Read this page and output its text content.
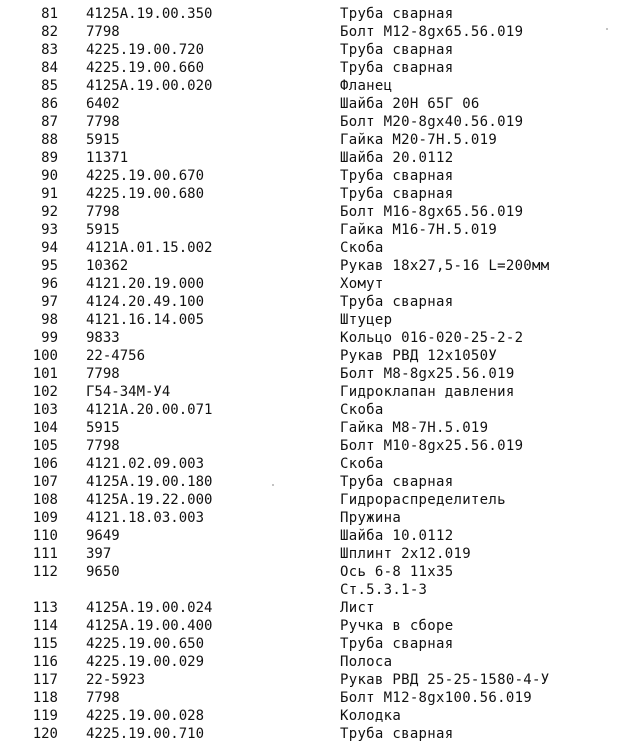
81	4125А.19.00.350	Труба сварная
82	7798	Болт М12-8gx65.56.019
83	4225.19.00.720	Труба сварная
84	4225.19.00.660	Труба сварная
85	4125А.19.00.020	Фланец
86	6402	Шайба 20Н 65Г 06
87	7798	Болт М20-8gx40.56.019
88	5915	Гайка М20-7Н.5.019
89	11371	Шайба 20.0112
90	4225.19.00.670	Труба сварная
91	4225.19.00.680	Труба сварная
92	7798	Болт М16-8gx65.56.019
93	5915	Гайка М16-7Н.5.019
94	4121А.01.15.002	Скоба
95	10362	Рукав 18х27,5-16 L=200мм
96	4121.20.19.000	Хомут
97	4124.20.49.100	Труба сварная
98	4121.16.14.005	Штуцер
99	9833	Кольцо 016-020-25-2-2
100	22-4756	Рукав РВД 12х1050У
101	7798	Болт М8-8gx25.56.019
102	Г54-34М-У4	Гидроклапан давления
103	4121А.20.00.071	Скоба
104	5915	Гайка М8-7Н.5.019
105	7798	Болт М10-8gx25.56.019
106	4121.02.09.003	Скоба
107	4125А.19.00.180	Труба сварная
108	4125А.19.22.000	Гидрораспределитель
109	4121.18.03.003	Пружина
110	9649	Шайба 10.0112
111	397	Шплинт 2х12.019
112	9650	Ось 6-8 11х35
		Ст.5.3.1-3
113	4125А.19.00.024	Лист
114	4125А.19.00.400	Ручка в сборе
115	4225.19.00.650	Труба сварная
116	4225.19.00.029	Полоса
117	22-5923	Рукав РВД 25-25-1580-4-У
118	7798	Болт М12-8gx100.56.019
119	4225.19.00.028	Колодка
120	4225.19.00.710	Труба сварная
